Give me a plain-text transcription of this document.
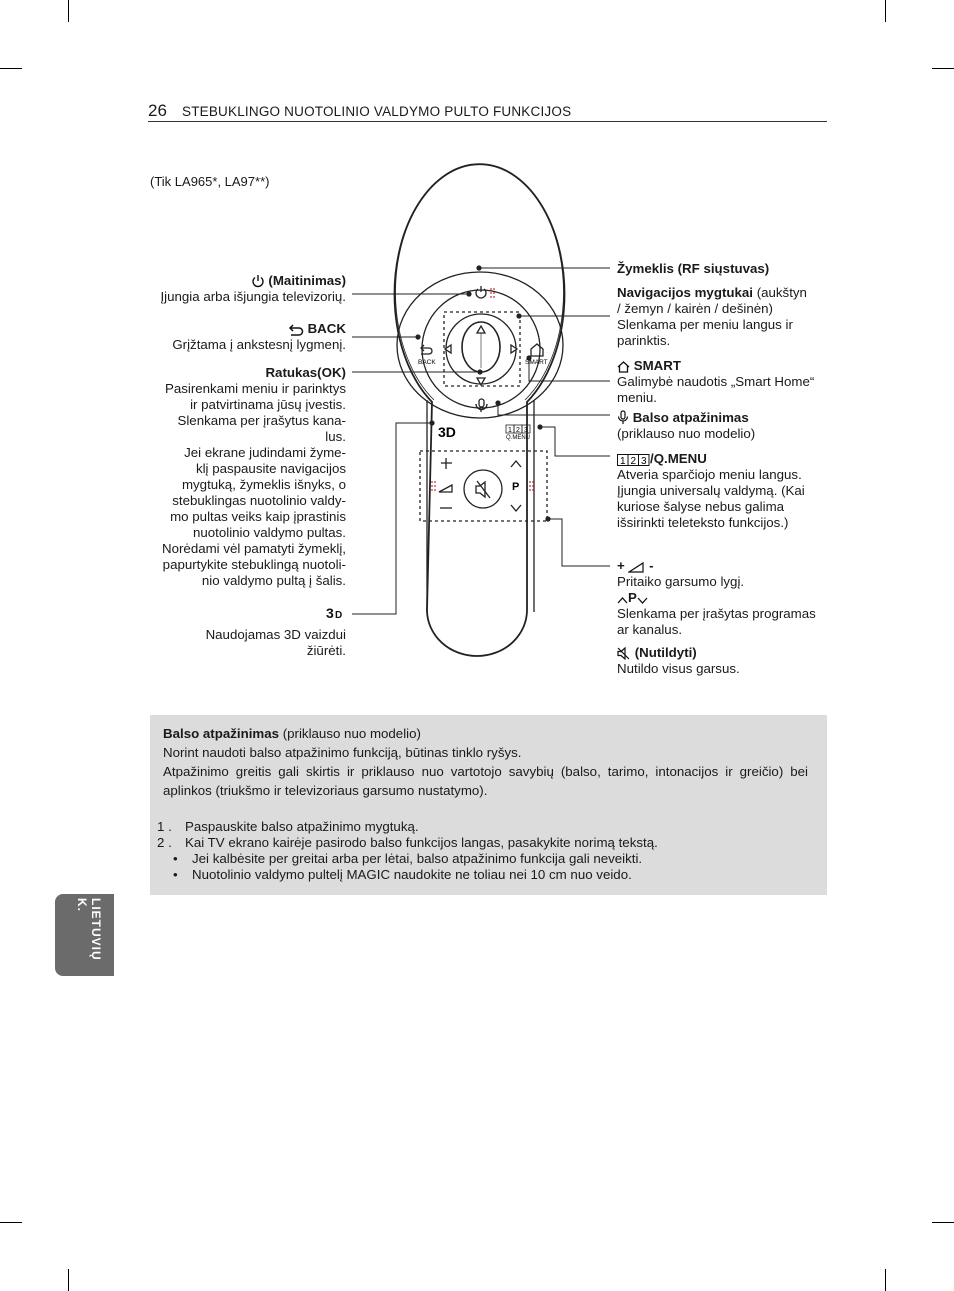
26 STEBUKLINGO NUOTOLINIO VALDYMO PULTO FUNKCIJOS
(Tik LA965*, LA97**)
BACK	SMART
Q.MENU
1 2 3
3D
P
(Maitinimas)
Įjungia arba išjungia televizorių.
BACK
Grįžtama į ankstesnį lygmenį.
Ratukas(OK)
Pasirenkami meniu ir parinktys
ir patvirtinama jūsų įvestis.
Slenkama per įrašytus kana-
lus.
Jei ekrane judindami žyme-
klį paspausite navigacijos
mygtuką, žymeklis išnyks, o
stebuklingas nuotolinio valdy-
mo pultas veiks kaip įprastinis
nuotolinio valdymo pultas.
Norėdami vėl pamatyti žymeklį,
papurtykite stebuklingą nuotoli-
nio valdymo pultą į šalis.
3 D

Naudojamas 3D vaizdui
žiūrėti.
Žymeklis (RF siųstuvas)
Navigacijos mygtukai (aukštyn
/ žemyn / kairėn / dešinėn)
Slenkama per meniu langus ir
parinktis.
SMART
Galimybė naudotis „Smart Home“
meniu.
Balso atpažinimas
(priklauso nuo modelio)
1 2 3 /Q.MENU
Atveria sparčiojo meniu langus.
Įjungia universalų valdymą. (Kai
kuriose šalyse nebus galima
išsirinkti teleteksto funkcijos.)
+  -
Pritaiko garsumo lygį.
P
Slenkama per įrašytas programas
ar kanalus.
(Nutildyti)
Nutildo visus garsus.

Balso atpažinimas (priklauso nuo modelio)

Norint naudoti balso atpažinimo funkciją, būtinas tinklo ryšys.

Atpažinimo greitis gali skirtis ir priklauso nuo vartotojo savybių (balso, tarimo, intonacijos ir greičio) bei aplinkos (triukšmo ir televizoriaus garsumo nustatymo).

1 . Paspauskite balso atpažinimo mygtuką.
2 . Kai TV ekrano kairėje pasirodo balso funkcijos langas, pasakykite norimą tekstą.
•	Jei kalbėsite per greitai arba per lėtai, balso atpažinimo funkcija gali neveikti.
•	Nuotolinio valdymo pultelį MAGIC naudokite ne toliau nei 10 cm nuo veido.
LIETUVIŲ K.
